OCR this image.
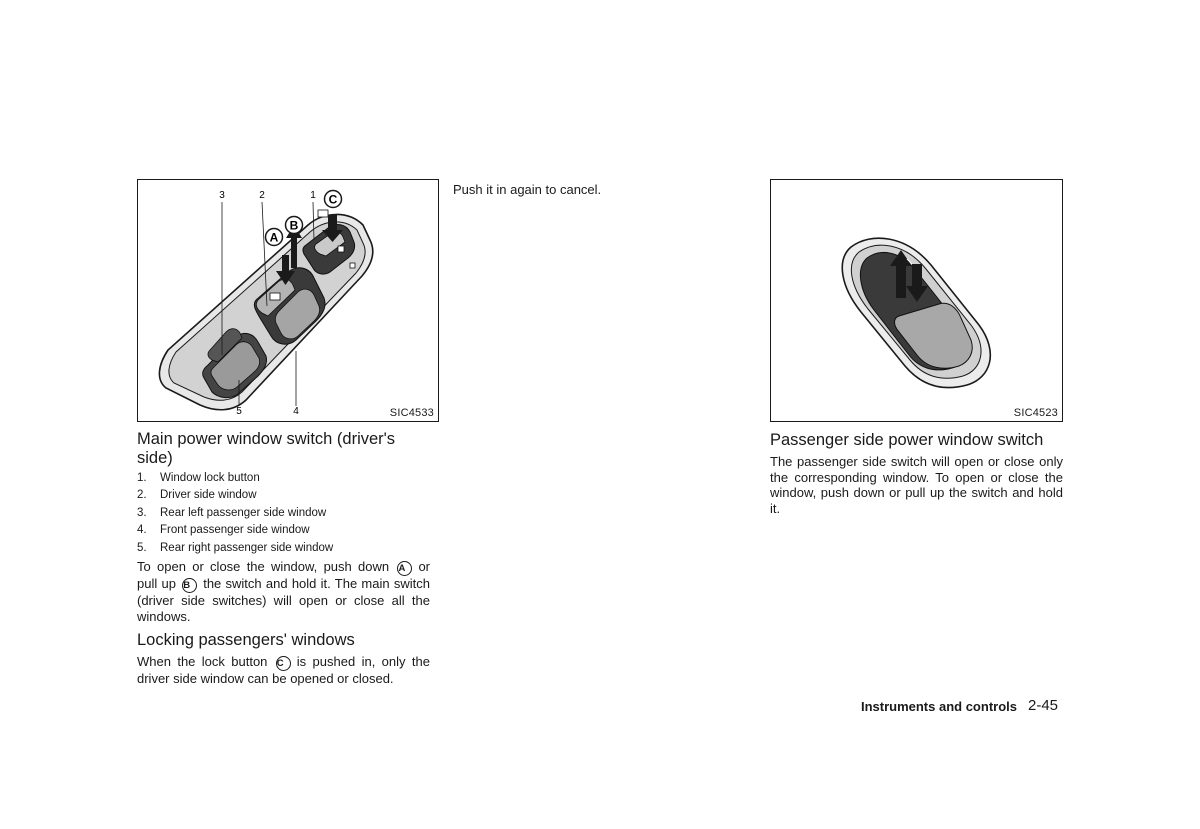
3	2	1
5	4
C
B
A
SIC4533	SIC4523
Main power window switch (driver's side)
1. Window lock button
2. Driver side window
3. Rear left passenger side window
4. Front passenger side window
5. Rear right passenger side window

To open or close the window, push down A or pull up B the switch and hold it. The main switch (driver side switches) will open or close all the windows.

Locking passengers' windows

When the lock button C is pushed in, only the driver side window can be opened or closed.

Push it in again to cancel.

Passenger side power window switch

The passenger side switch will open or close only the corresponding window. To open or close the window, push down or pull up the switch and hold it.

Instruments and controls 2-45
